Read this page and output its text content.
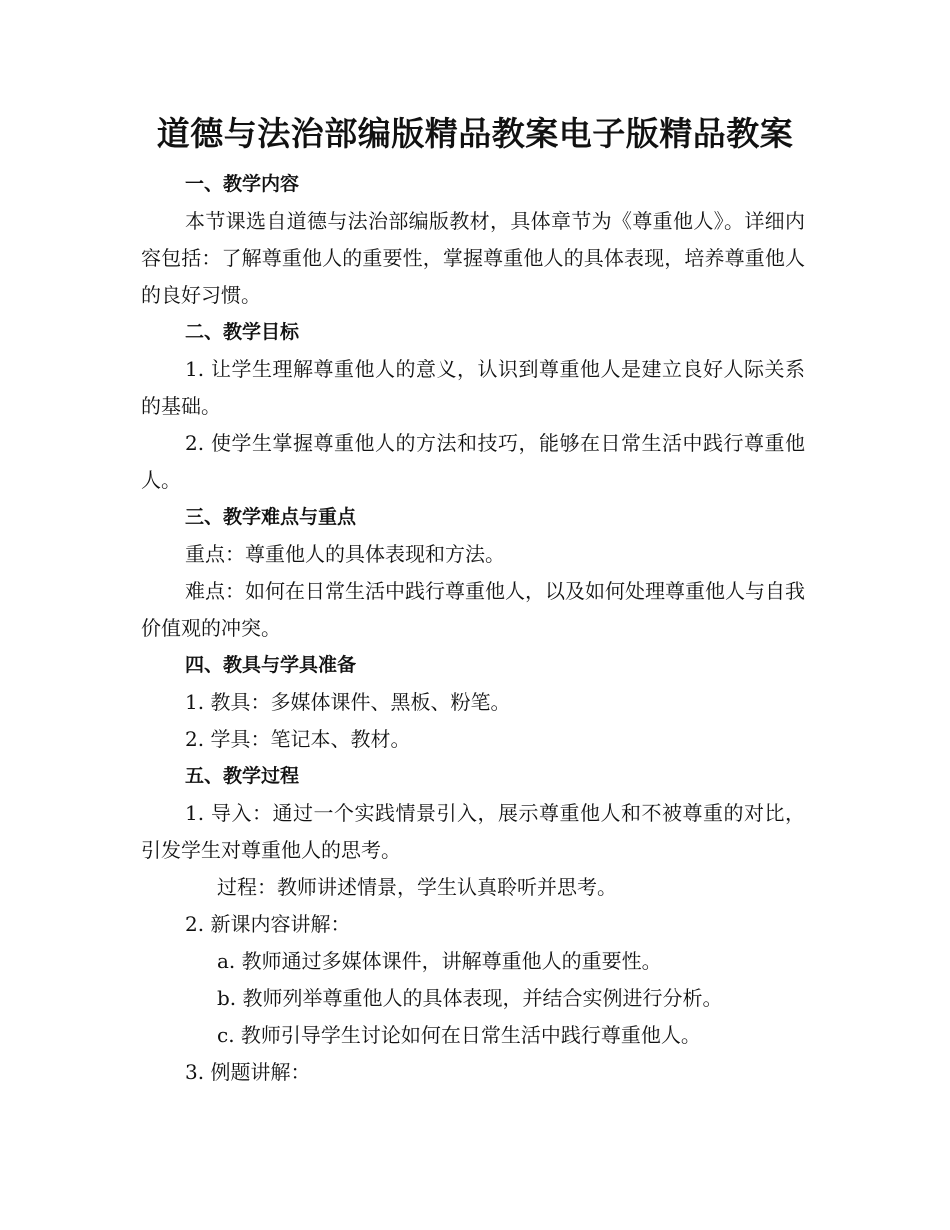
道德与法治部编版精品教案电子版精品教案

一、教学内容

本节课选自道德与法治部编版教材，具体章节为《尊重他人》。详细内容包括：了解尊重他人的重要性，掌握尊重他人的具体表现，培养尊重他人的良好习惯。

二、教学目标

1. 让学生理解尊重他人的意义，认识到尊重他人是建立良好人际关系的基础。

2. 使学生掌握尊重他人的方法和技巧，能够在日常生活中践行尊重他人。

三、教学难点与重点

重点：尊重他人的具体表现和方法。

难点：如何在日常生活中践行尊重他人，以及如何处理尊重他人与自我价值观的冲突。

四、教具与学具准备

1. 教具：多媒体课件、黑板、粉笔。

2. 学具：笔记本、教材。

五、教学过程

1. 导入：通过一个实践情景引入，展示尊重他人和不被尊重的对比，引发学生对尊重他人的思考。

过程：教师讲述情景，学生认真聆听并思考。

2. 新课内容讲解：

a. 教师通过多媒体课件，讲解尊重他人的重要性。

b. 教师列举尊重他人的具体表现，并结合实例进行分析。

c. 教师引导学生讨论如何在日常生活中践行尊重他人。

3. 例题讲解：
